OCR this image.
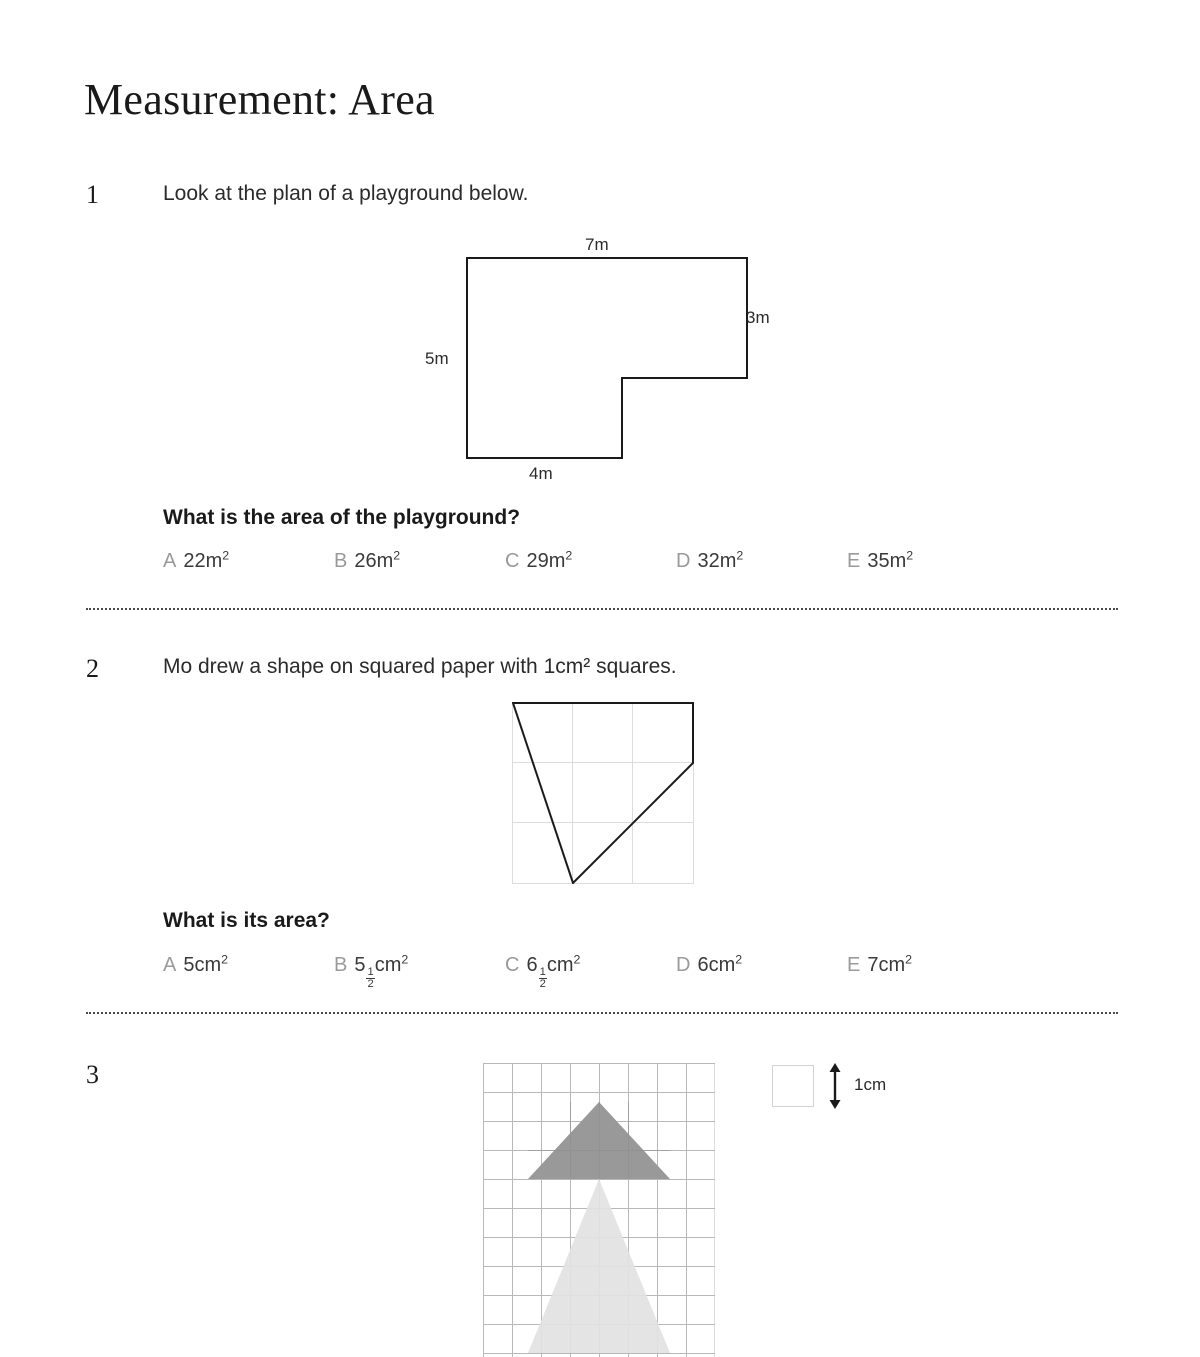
Measurement: Area
1	Look at the plan of a playground below.
7m
3m
5m
4m
What is the area of the playground?
A $22m^2$	B $26m^2$	C $29m^2$	D $32m^2$	E $35m^2$
2	Mo drew a shape on squared paper with 1cm² squares.
What is its area?
A $5cm^2$	B 5
$\frac{1}{2}$
$cm^2$	C 6
$\frac{1}{2}$
$cm^2$	D $6cm^2$	E $7cm^2$
3	1cm
